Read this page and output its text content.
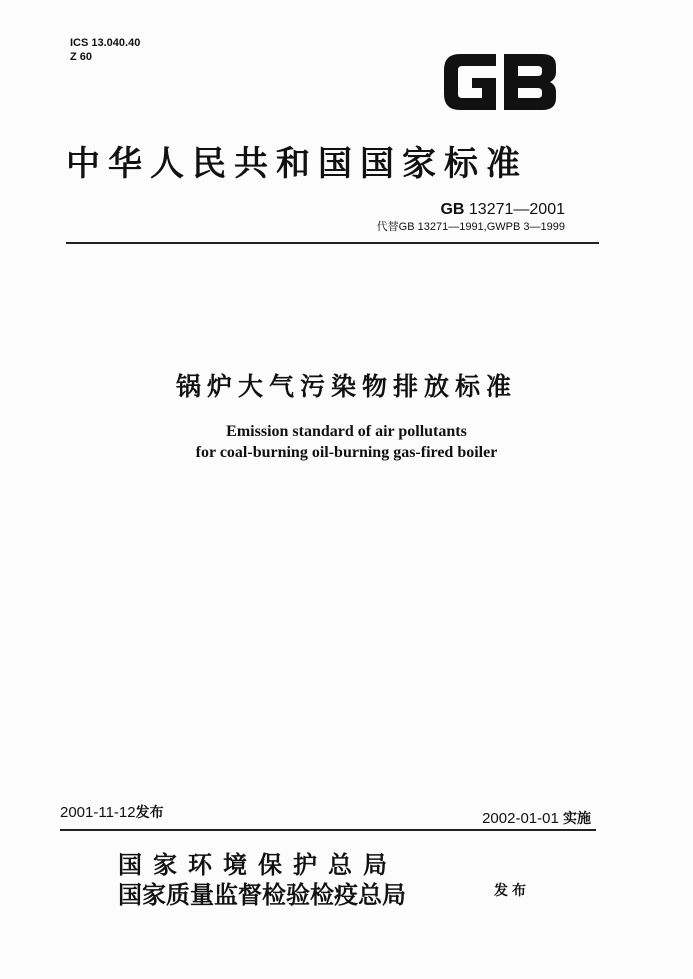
ICS 13.040.40
Z 60
中华人民共和国国家标准
GB 13271—2001
代替GB 13271—1991,GWPB 3—1999
锅炉大气污染物排放标准
Emission standard of air pollutants
for coal-burning oil-burning gas-fired boiler
2001-11-12发布	2002-01-01 实施
国家环境保护总局
国家质量监督检验检疫总局	发布
